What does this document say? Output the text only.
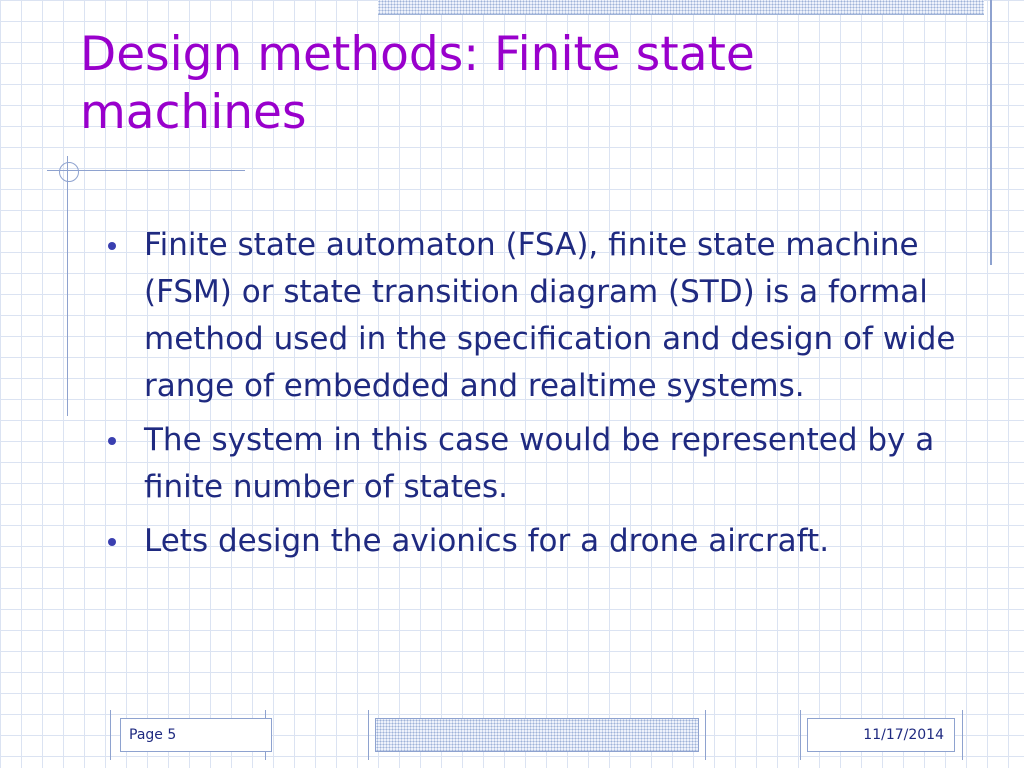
Design methods: Finite state machines
Finite state automaton (FSA), finite state machine (FSM) or state transition diagram (STD) is a formal method used in the specification and design of wide range of embedded and realtime systems.
The system in this case would be represented by a finite number of states.
Lets design the avionics for a drone aircraft.
Page 5	11/17/2014
